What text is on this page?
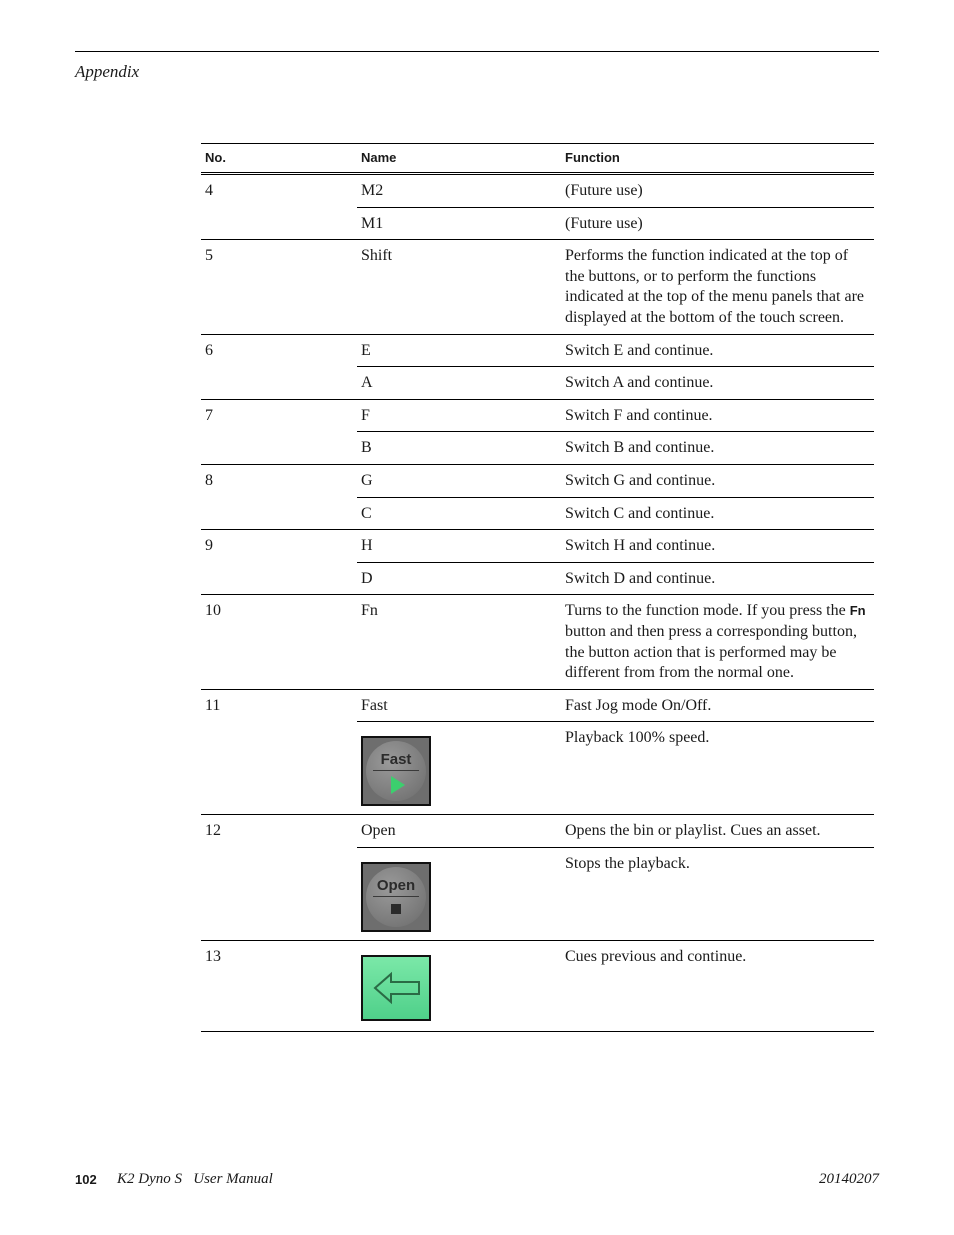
Appendix
No.	Name	Function
4	M2	(Future use)
	M1	(Future use)
5	Shift	Performs the function indicated at the top of the buttons, or to perform the functions indicated at the top of the menu panels that are displayed at the bottom of the touch screen.
6	E	Switch E and continue.
	A	Switch A and continue.
7	F	Switch F and continue.
	B	Switch B and continue.
8	G	Switch G and continue.
	C	Switch C and continue.
9	H	Switch H and continue.
	D	Switch D and continue.
10	Fn	Turns to the function mode. If you press the Fn button and then press a corresponding button, the button action that is performed may be different from from the normal one.
11	Fast	Fast Jog mode On/Off.

	Fast	Playback 100% speed.
12	Open	Opens the bin or playlist. Cues an asset.

	Open	Stops the playback.
13		Cues previous and continue.
102 K2 Dyno S   User Manual	20140207
